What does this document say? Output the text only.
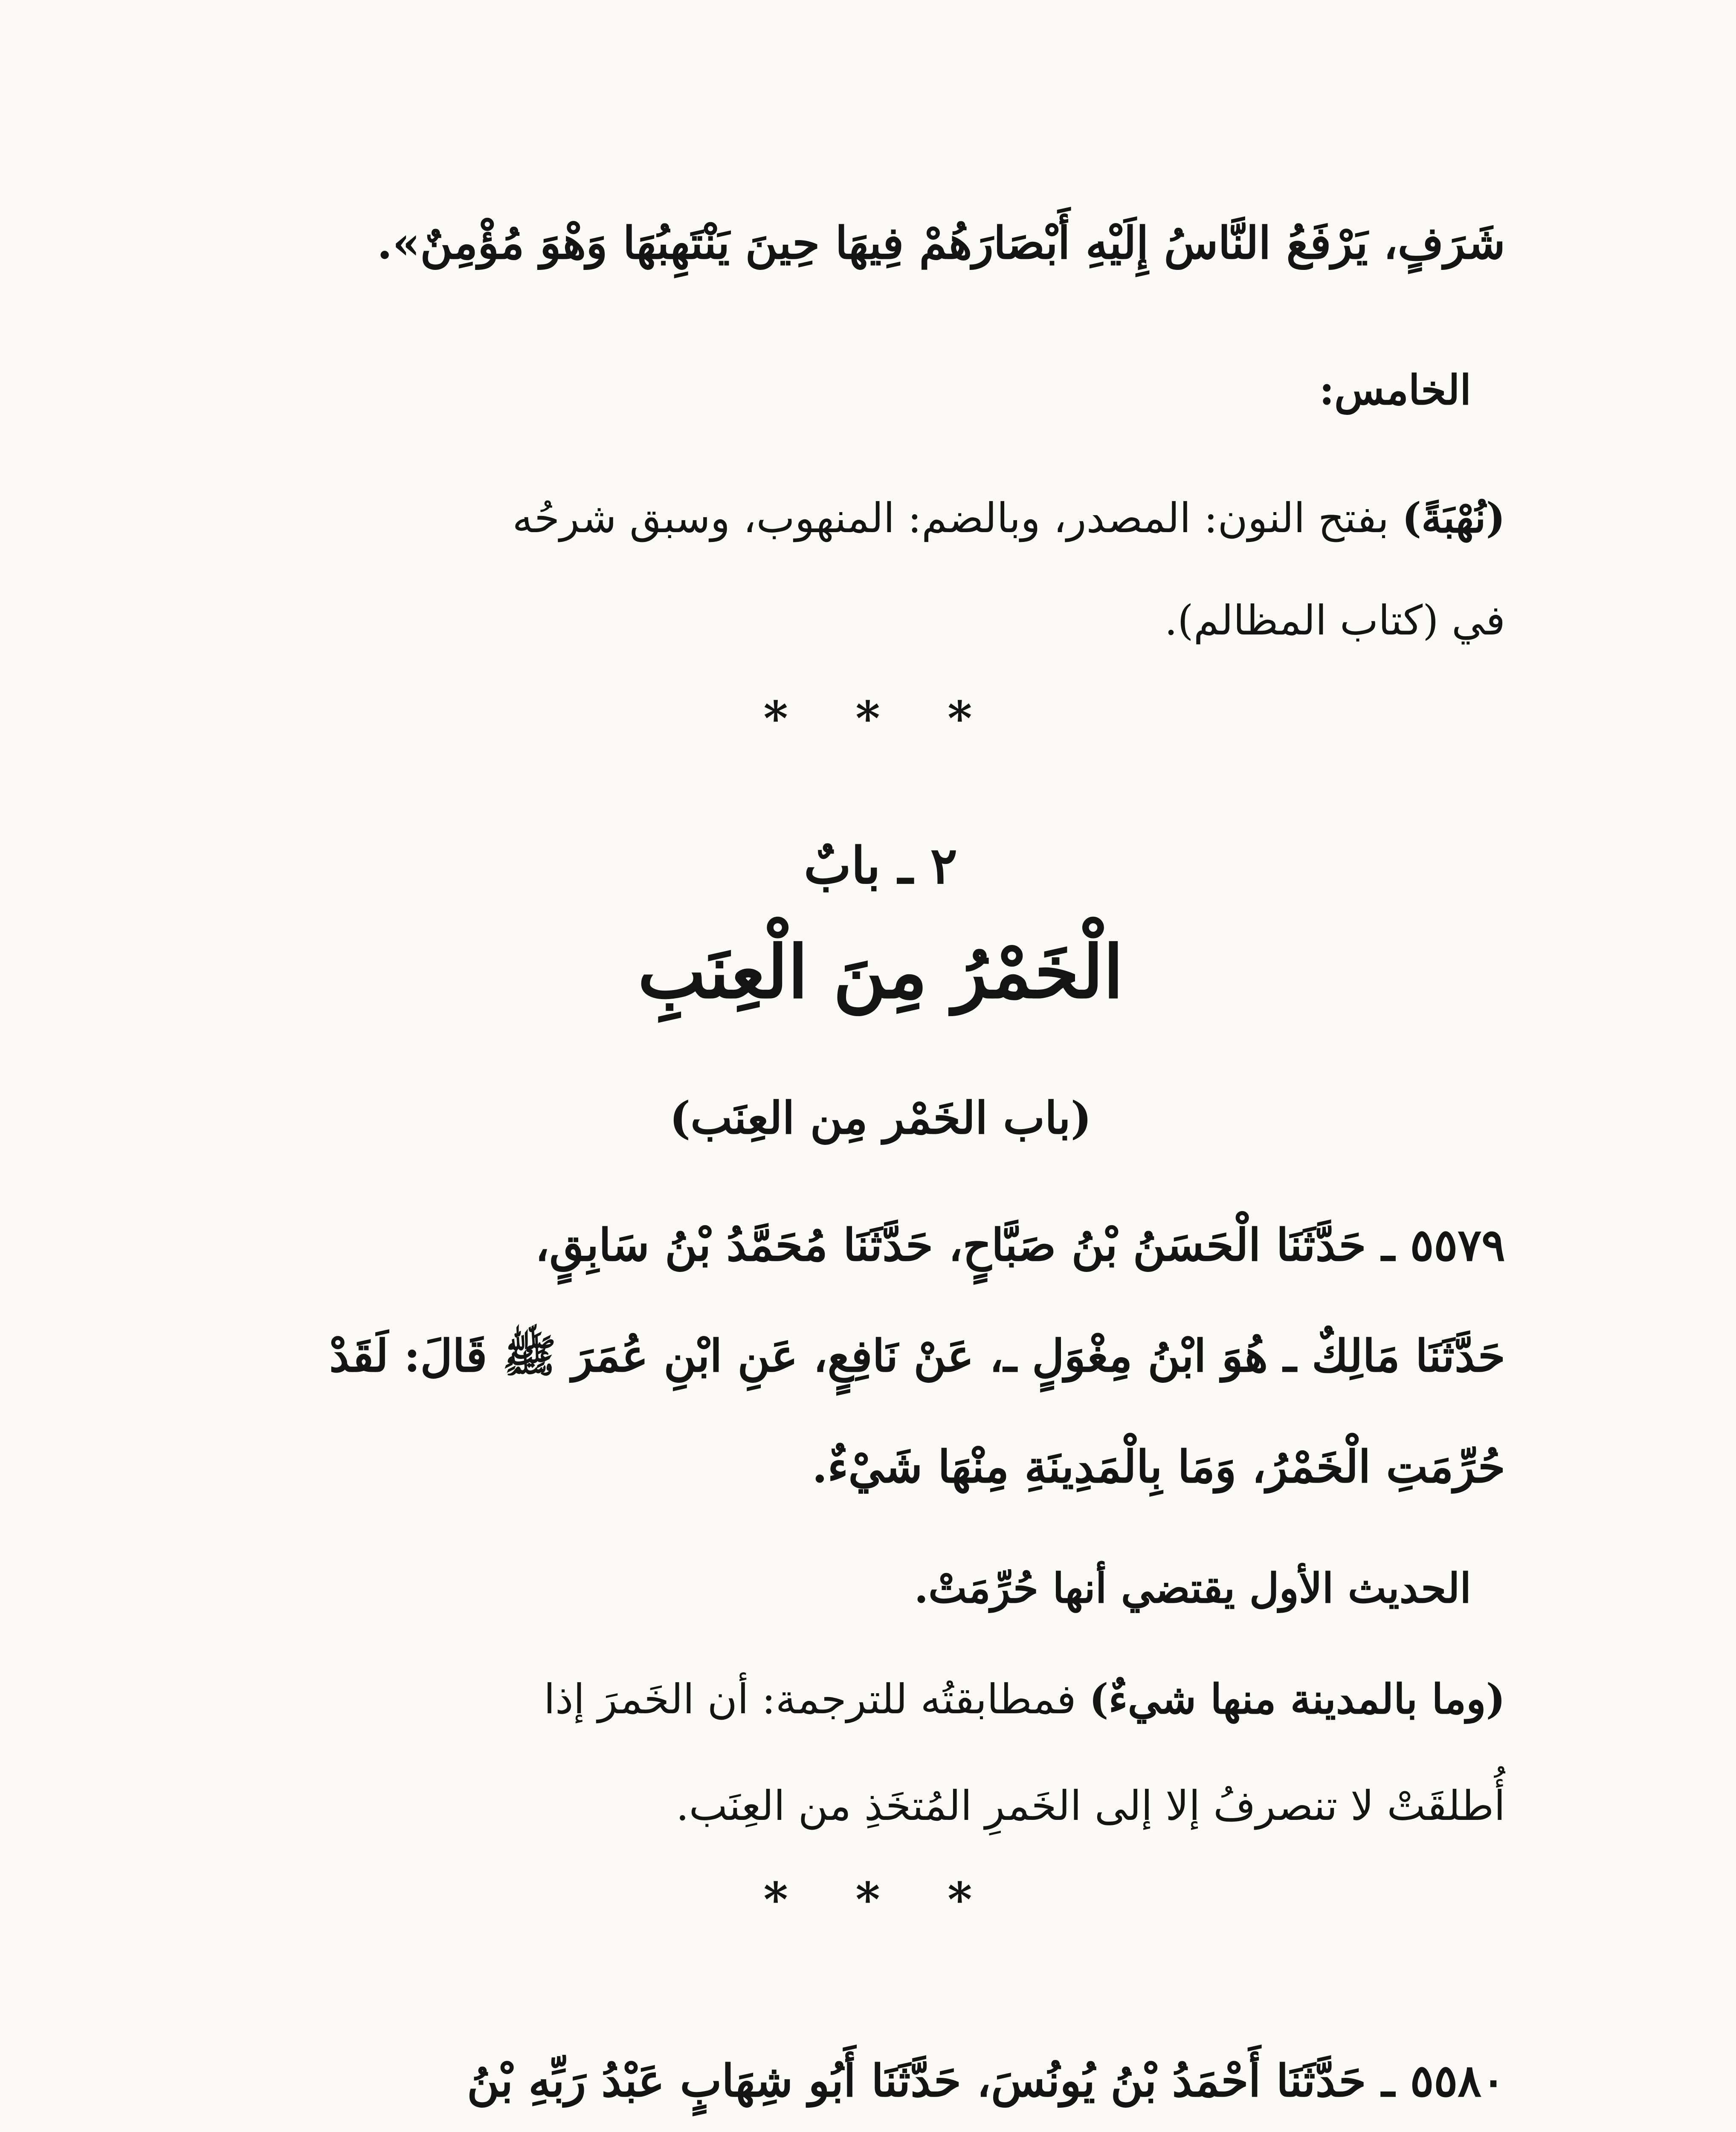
شَرَفٍ، يَرْفَعُ النَّاسُ إِلَيْهِ أَبْصَارَهُمْ فِيهَا حِينَ يَنْتَهِبُهَا وَهْوَ مُؤْمِنٌ».
الخامس:
(نُهْبَةً) بفتح النون: المصدر، وبالضم: المنهوب، وسبق شرحُه
في (كتاب المظالم).
* * *
٢ ـ بابٌ
الْخَمْرُ مِنَ الْعِنَبِ
(باب الخَمْر مِن العِنَب)
٥٥٧٩ ـ حَدَّثَنَا الْحَسَنُ بْنُ صَبَّاحٍ، حَدَّثَنَا مُحَمَّدُ بْنُ سَابِقٍ،
حَدَّثَنَا مَالِكٌ ـ هُوَ ابْنُ مِغْوَلٍ ـ، عَنْ نَافِعٍ، عَنِ ابْنِ عُمَرَ ﷺ قَالَ: لَقَدْ
حُرِّمَتِ الْخَمْرُ، وَمَا بِالْمَدِينَةِ مِنْهَا شَيْءٌ.
الحديث الأول يقتضي أنها حُرِّمَتْ.
(وما بالمدينة منها شيءٌ) فمطابقتُه للترجمة: أن الخَمرَ إذا
أُطلقَتْ لا تنصرفُ إلا إلى الخَمرِ المُتخَذِ من العِنَب.
* * *
٥٥٨٠ ـ حَدَّثَنَا أَحْمَدُ بْنُ يُونُسَ، حَدَّثَنَا أَبُو شِهَابٍ عَبْدُ رَبِّهِ بْنُ
